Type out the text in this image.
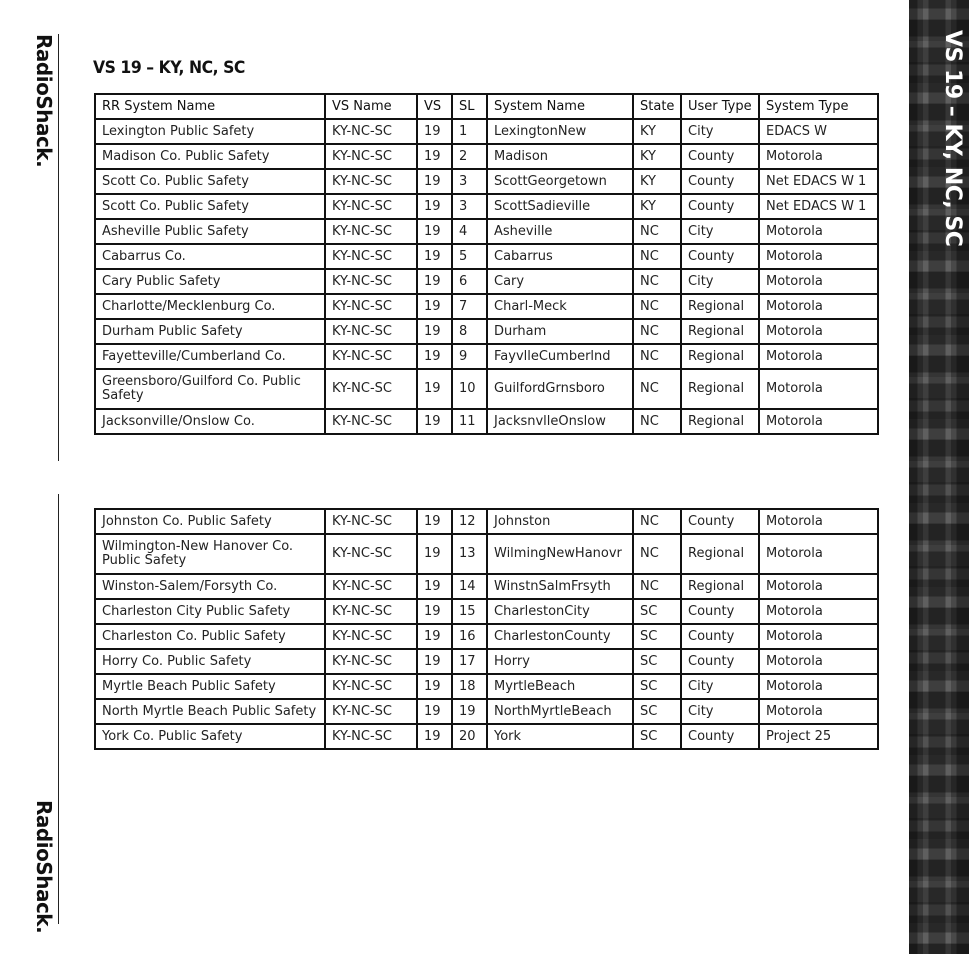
RadioShack.
RadioShack.
VS 19 – KY, NC, SC
RR System Name	VS Name	VS	SL	System Name	State	User Type	System Type
Lexington Public Safety	KY-NC-SC	19	1	LexingtonNew	KY	City	EDACS W
Madison Co. Public Safety	KY-NC-SC	19	2	Madison	KY	County	Motorola
Scott Co. Public Safety	KY-NC-SC	19	3	ScottGeorgetown	KY	County	Net EDACS W 1
Scott Co. Public Safety	KY-NC-SC	19	3	ScottSadieville	KY	County	Net EDACS W 1
Asheville Public Safety	KY-NC-SC	19	4	Asheville	NC	City	Motorola
Cabarrus Co.	KY-NC-SC	19	5	Cabarrus	NC	County	Motorola
Cary Public Safety	KY-NC-SC	19	6	Cary	NC	City	Motorola
Charlotte/Mecklenburg Co.	KY-NC-SC	19	7	Charl-Meck	NC	Regional	Motorola
Durham Public Safety	KY-NC-SC	19	8	Durham	NC	Regional	Motorola
Fayetteville/Cumberland Co.	KY-NC-SC	19	9	FayvlleCumberlnd	NC	Regional	Motorola
Greensboro/Guilford Co. Public Safety	KY-NC-SC	19	10	GuilfordGrnsboro	NC	Regional	Motorola
Jacksonville/Onslow Co.	KY-NC-SC	19	11	JacksnvlleOnslow	NC	Regional	Motorola
Johnston Co. Public Safety	KY-NC-SC	19	12	Johnston	NC	County	Motorola
Wilmington-New Hanover Co. Public Safety	KY-NC-SC	19	13	WilmingNewHanovr	NC	Regional	Motorola
Winston-Salem/Forsyth Co.	KY-NC-SC	19	14	WinstnSalmFrsyth	NC	Regional	Motorola
Charleston City Public Safety	KY-NC-SC	19	15	CharlestonCity	SC	County	Motorola
Charleston Co. Public Safety	KY-NC-SC	19	16	CharlestonCounty	SC	County	Motorola
Horry Co. Public Safety	KY-NC-SC	19	17	Horry	SC	County	Motorola
Myrtle Beach Public Safety	KY-NC-SC	19	18	MyrtleBeach	SC	City	Motorola
North Myrtle Beach Public Safety	KY-NC-SC	19	19	NorthMyrtleBeach	SC	City	Motorola
York Co. Public Safety	KY-NC-SC	19	20	York	SC	County	Project 25
VS 19 – KY, NC, SC
